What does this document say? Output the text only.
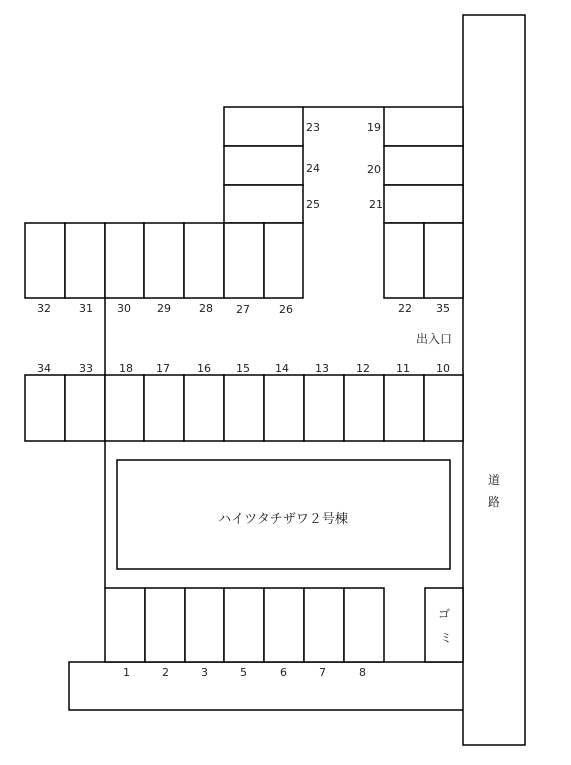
道
路
23
24
25
19
20
21
32	31 30 29	28 27	26	22 35
出入口
34	33 18 17 16 15 14 13 12 11 10
ハイツタチザワ２号棟
1	2	3	5	6	7	8
ゴ
ミ
